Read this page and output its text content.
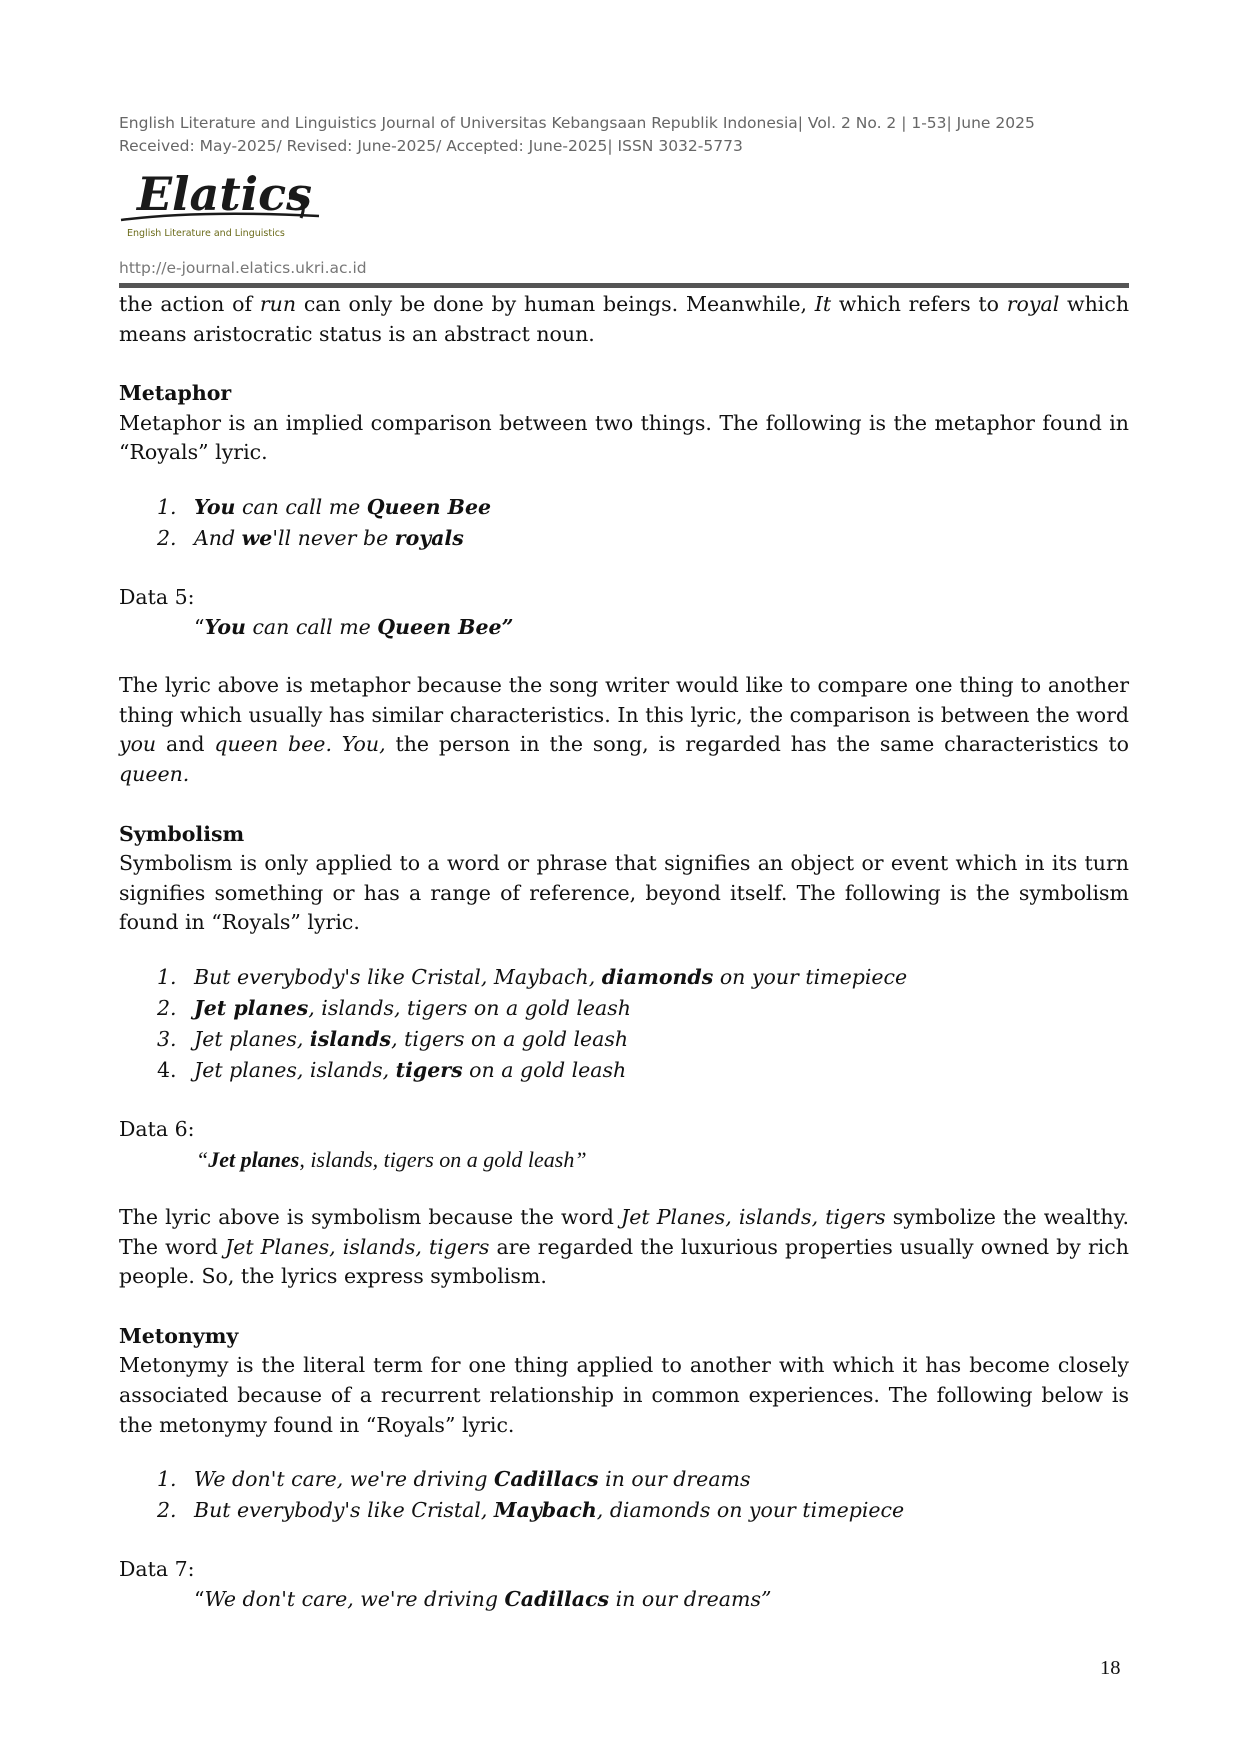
English Literature and Linguistics Journal of Universitas Kebangsaan Republik Indonesia| Vol. 2 No. 2 | 1-53| June 2025
Received: May-2025/ Revised: June-2025/ Accepted: June-2025| ISSN 3032-5773
Elatics
English Literature and Linguistics
http://e-journal.elatics.ukri.ac.id

the action of run can only be done by human beings. Meanwhile, It which refers to royal which means aristocratic status is an abstract noun.

Metaphor

Metaphor is an implied comparison between two things. The following is the metaphor found in “Royals” lyric.

1. You can call me Queen Bee
2. And we'll never be royals

Data 5:

“You can call me Queen Bee”

The lyric above is metaphor because the song writer would like to compare one thing to another thing which usually has similar characteristics. In this lyric, the comparison is between the word you and queen bee. You, the person in the song, is regarded has the same characteristics to queen.

Symbolism

Symbolism is only applied to a word or phrase that signifies an object or event which in its turn signifies something or has a range of reference, beyond itself. The following is the symbolism found in “Royals” lyric.

1. But everybody's like Cristal, Maybach, diamonds on your timepiece
2. Jet planes, islands, tigers on a gold leash
3. Jet planes, islands, tigers on a gold leash
4. Jet planes, islands, tigers on a gold leash

Data 6:

“Jet planes, islands, tigers on a gold leash”

The lyric above is symbolism because the word Jet Planes, islands, tigers symbolize the wealthy. The word Jet Planes, islands, tigers are regarded the luxurious properties usually owned by rich people. So, the lyrics express symbolism.

Metonymy

Metonymy is the literal term for one thing applied to another with which it has become closely associated because of a recurrent relationship in common experiences. The following below is the metonymy found in “Royals” lyric.

1. We don't care, we're driving Cadillacs in our dreams
2. But everybody's like Cristal, Maybach, diamonds on your timepiece

Data 7:

“We don't care, we're driving Cadillacs in our dreams”

18
